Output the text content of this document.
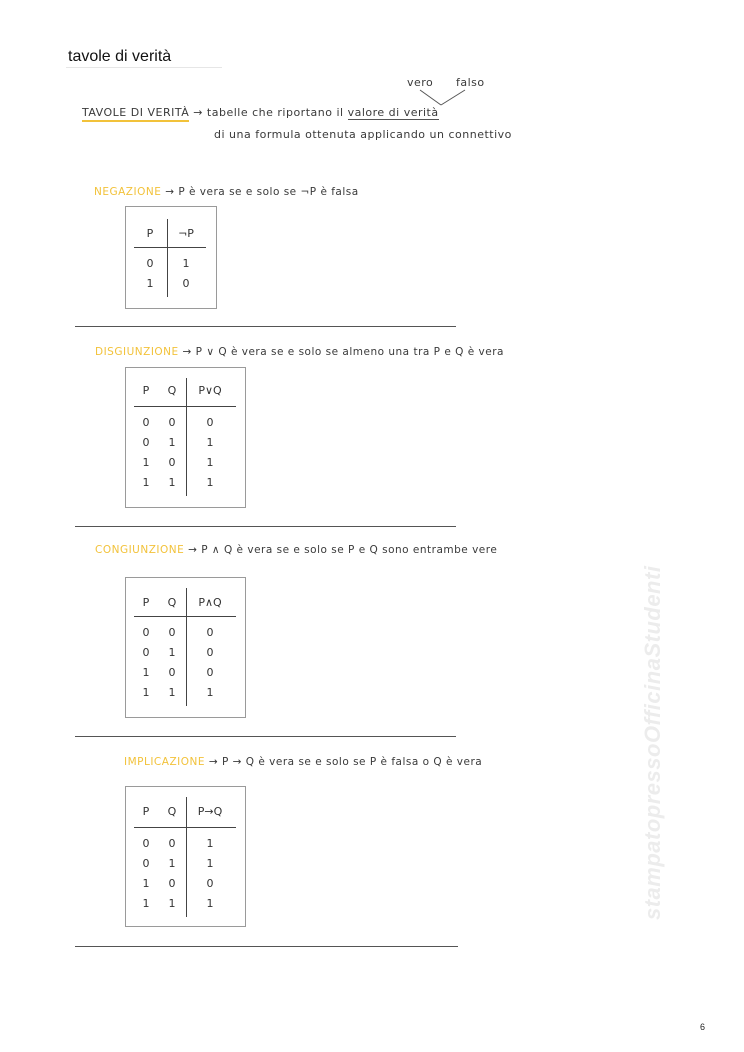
tavole di verità
vero falso
TAVOLE DI VERITÀ → tabelle che riportano il valore di verità
di una formula ottenuta applicando un connettivo
NEGAZIONE → P è vera se e solo se ¬P è falsa
P	¬P
0	1
1	0
DISGIUNZIONE → P ∨ Q è vera se e solo se almeno una tra P e Q è vera
P	Q	P∨Q
0	0	0
0	1	1
1	0	1
1	1	1
CONGIUNZIONE → P ∧ Q è vera se e solo se P e Q sono entrambe vere
P	Q	P∧Q
0	0	0
0	1	0
1	0	0
1	1	1
IMPLICAZIONE → P → Q è vera se e solo se P è falsa o Q è vera
P	Q	P→Q
0	0	1
0	1	1
1	0	0
1	1	1	stampatopressoOfficinaStudenti
6
